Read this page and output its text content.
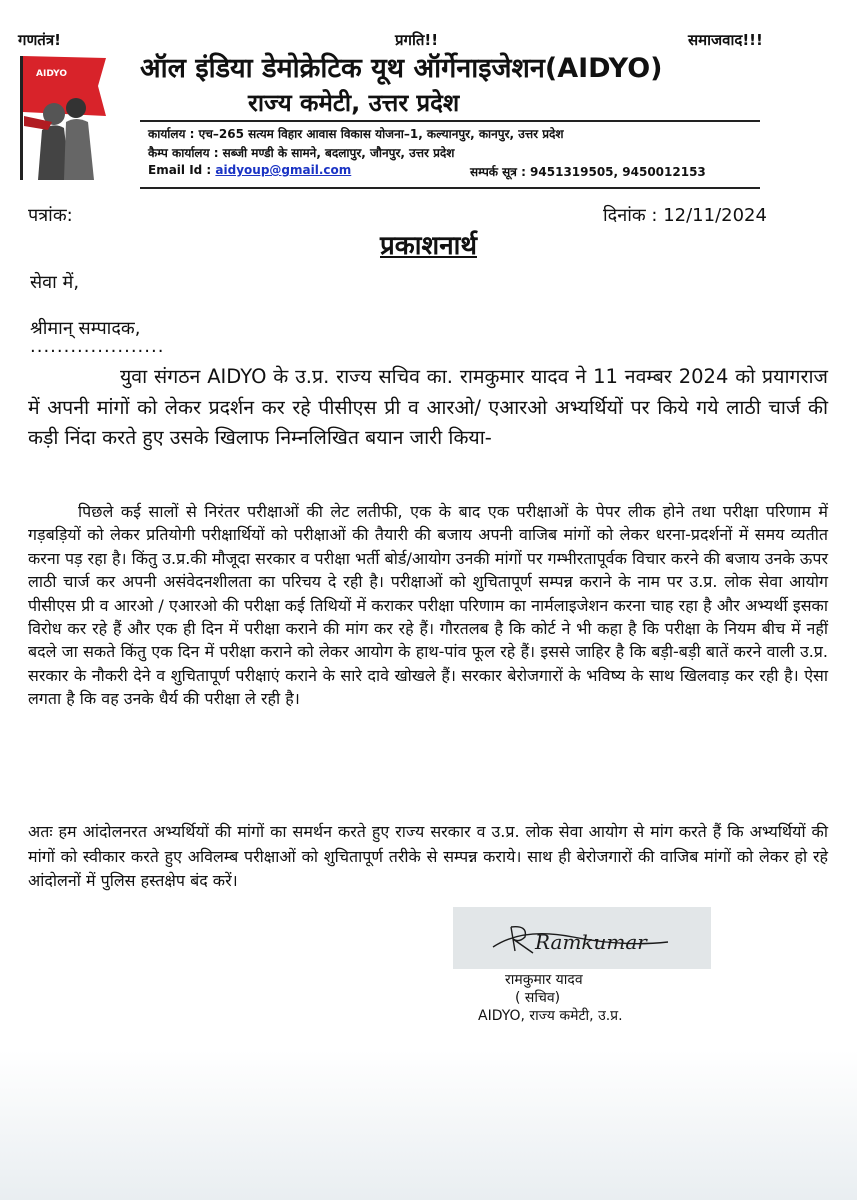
गणतंत्र!	प्रगति!!	समाजवाद!!!
AIDYO	ऑल इंडिया डेमोक्रेटिक यूथ ऑर्गेनाइजेशन(AIDYO)
राज्य कमेटी, उत्तर प्रदेश
कार्यालय : एच–265 सत्यम विहार आवास विकास योजना–1, कल्यानपुर, कानपुर, उत्तर प्रदेश
कैम्प कार्यालय : सब्जी मण्डी के सामने, बदलापुर, जौनपुर, उत्तर प्रदेश
Email Id : aidyoup@gmail.com	सम्पर्क सूत्र : 9451319505, 9450012153
पत्रांक:	दिनांक : 12/11/2024
प्रकाशनार्थ
सेवा में,
श्रीमान् सम्पादक,
....................

युवा संगठन AIDYO के उ.प्र. राज्य सचिव का. रामकुमार यादव ने 11 नवम्बर 2024 को प्रयागराज में अपनी मांगों को लेकर प्रदर्शन कर रहे पीसीएस प्री व आरओ/ एआरओ अभ्यर्थियों पर किये गये लाठी चार्ज की कड़ी निंदा करते हुए उसके खिलाफ निम्नलिखित बयान जारी किया-

पिछले कई सालों से निरंतर परीक्षाओं की लेट लतीफी, एक के बाद एक परीक्षाओं के पेपर लीक होने तथा परीक्षा परिणाम में गड़बड़ियों को लेकर प्रतियोगी परीक्षार्थियों को परीक्षाओं की तैयारी की बजाय अपनी वाजिब मांगों को लेकर धरना-प्रदर्शनों में समय व्यतीत करना पड़ रहा है। किंतु उ.प्र.की मौजूदा सरकार व परीक्षा भर्ती बोर्ड/आयोग उनकी मांगों पर गम्भीरतापूर्वक विचार करने की बजाय उनके ऊपर लाठी चार्ज कर अपनी असंवेदनशीलता का परिचय दे रही है। परीक्षाओं को शुचितापूर्ण सम्पन्न कराने के नाम पर उ.प्र. लोक सेवा आयोग पीसीएस प्री व आरओ / एआरओ की परीक्षा कई तिथियों में कराकर परीक्षा परिणाम का नार्मलाइजेशन करना चाह रहा है और अभ्यर्थी इसका विरोध कर रहे हैं और एक ही दिन में परीक्षा कराने की मांग कर रहे हैं। गौरतलब है कि कोर्ट ने भी कहा है कि परीक्षा के नियम बीच में नहीं बदले जा सकते किंतु एक दिन में परीक्षा कराने को लेकर आयोग के हाथ-पांव फूल रहे हैं। इससे जाहिर है कि बड़ी-बड़ी बातें करने वाली उ.प्र. सरकार के नौकरी देने व शुचितापूर्ण परीक्षाएं कराने के सारे दावे खोखले हैं। सरकार बेरोजगारों के भविष्य के साथ खिलवाड़ कर रही है। ऐसा लगता है कि वह उनके धैर्य की परीक्षा ले रही है।

अतः हम आंदोलनरत अभ्यर्थियों की मांगों का समर्थन करते हुए राज्य सरकार व उ.प्र. लोक सेवा आयोग से मांग करते हैं कि अभ्यर्थियों की मांगों को स्वीकार करते हुए अविलम्ब परीक्षाओं को शुचितापूर्ण तरीके से सम्पन्न कराये। साथ ही बेरोजगारों की वाजिब मांगों को लेकर हो रहे आंदोलनों में पुलिस हस्तक्षेप बंद करें।

Ramkumar
रामकुमार यादव
( सचिव)
AIDYO, राज्य कमेटी, उ.प्र.
